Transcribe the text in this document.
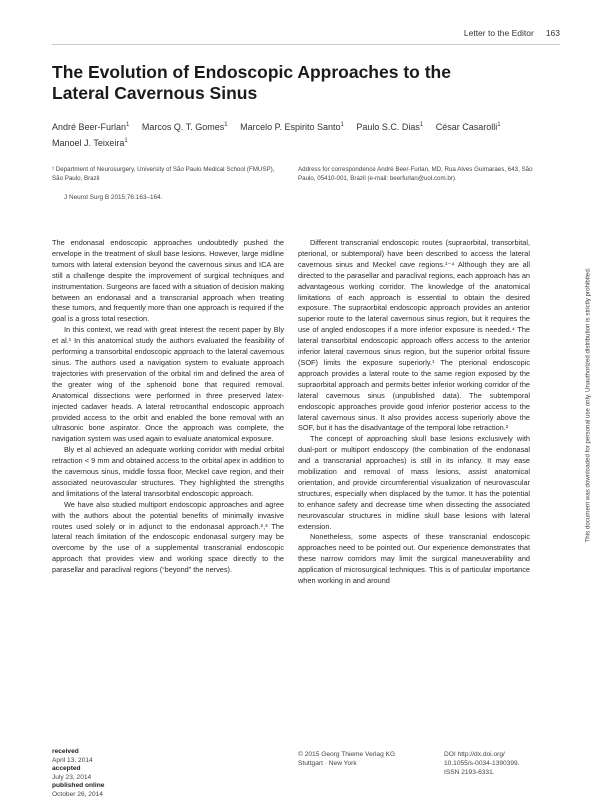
Letter to the Editor 163
The Evolution of Endoscopic Approaches to the Lateral Cavernous Sinus
André Beer-Furlan$^1$ Marcos Q. T. Gomes$^1$ Marcelo P. Espirito Santo$^1$ Paulo S.C. Dias$^1$ César Casarolli$^1$
Manoel J. Teixeira$^1$
¹ Department of Neurosurgery, University of São Paulo Medical School (FMUSP), São Paulo, Brazil
Address for correspondence André Beer-Furlan, MD, Rua Alves Guimaraes, 643, São Paulo, 05410-001, Brazil (e-mail: beerfurlan@uol.com.br).
J Neurol Surg B 2015;76:163–164.

The endonasal endoscopic approaches undoubtedly pushed the envelope in the treatment of skull base lesions. However, large midline tumors with lateral extension beyond the cavernous sinus and ICA are still a challenge despite the improvement of surgical techniques and instrumentation. Surgeons are faced with a situation of decision making between an endonasal and a transcranial approach when treating these tumors, and frequently more than one approach is required if the goal is a gross total resection.

In this context, we read with great interest the recent paper by Bly et al.¹ In this anatomical study the authors evaluated the feasibility of performing a transorbital endoscopic approach to the lateral cavernous sinus. The authors used a navigation system to evaluate approach trajectories with preservation of the orbital rim and defined the area of the greater wing of the sphenoid bone that required removal. Anatomical dissections were performed in three preserved latex-injected cadaver heads. A lateral retrocanthal endoscopic approach provided access to the orbit and enabled the bone removal with an ultrasonic bone aspirator. Once the approach was complete, the navigation system was used again to evaluate anatomical exposure.

Bly et al achieved an adequate working corridor with medial orbital retraction < 9 mm and obtained access to the orbital apex in addition to the cavernous sinus, middle fossa floor, Meckel cave region, and their associated neurovascular structures. They highlighted the strengths and limitations of the lateral transorbital endoscopic approach.

We have also studied multiport endoscopic approaches and agree with the authors about the potential benefits of minimally invasive routes used solely or in adjunct to the endonasal approach.²,³ The lateral reach limitation of the endoscopic endonasal surgery may be overcome by the use of a supplemental transcranial endoscopic approach that provides view and working space directly to the parasellar and paraclival regions (“beyond” the nerves).

Different transcranial endoscopic routes (supraorbital, transorbital, pterional, or subtemporal) have been described to access the lateral cavernous sinus and Meckel cave regions.¹⁻⁴ Although they are all directed to the parasellar and paraclival regions, each approach has an advantageous working corridor. The knowledge of the anatomical limitations of each approach is essential to obtain the desired exposure. The supraorbital endoscopic approach provides an anterior superior route to the lateral cavernous sinus region, but it requires the use of angled endoscopes if a more inferior exposure is needed.⁴ The lateral transorbital endoscopic approach offers access to the anterior inferior lateral cavernous sinus region, but the superior orbital fissure (SOF) limits the exposure superiorly.¹ The pterional endoscopic approach provides a lateral route to the same region exposed by the supraorbital approach and permits better inferior working corridor of the lateral cavernous sinus (unpublished data). The subtemporal endoscopic approaches provide good inferior posterior access to the lateral cavernous sinus. It also provides access superiorly above the SOF, but it has the disadvantage of the temporal lobe retraction.²

The concept of approaching skull base lesions exclusively with dual-port or multiport endoscopy (the combination of the endonasal and a transcranial approaches) is still in its infancy. It may ease mobilization and removal of mass lesions, assist anatomical orientation, and provide circumferential visualization of neurovascular structures, especially when displaced by the tumor. It has the potential to enhance safety and decrease time when dissecting the associated neurovascular structures in midline skull base lesions with lateral extension.

Nonetheless, some aspects of these transcranial endoscopic approaches need to be pointed out. Our experience demonstrates that these narrow corridors may limit the surgical maneuverability and application of microsurgical techniques. This is of particular importance when working in and around

This document was downloaded for personal use only. Unauthorized distribution is strictly prohibited.
received
April 13, 2014
accepted
July 23, 2014
published online
October 26, 2014
© 2015 Georg Thieme Verlag KG
Stuttgart · New York
DOI http://dx.doi.org/
10.1055/s-0034-1390399.
ISSN 2193-6331.
